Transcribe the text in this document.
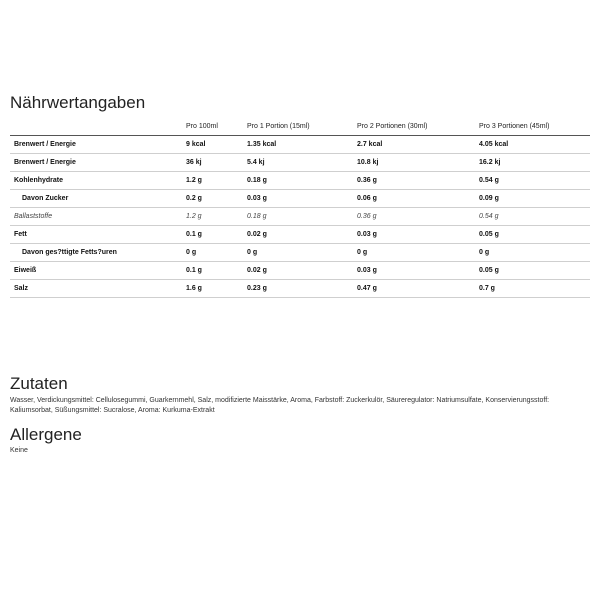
Nährwertangaben
	Pro 100ml	Pro 1 Portion (15ml)	Pro 2 Portionen (30ml)	Pro 3 Portionen (45ml)
Brenwert / Energie	9 kcal	1.35 kcal	2.7 kcal	4.05 kcal
Brenwert / Energie	36 kj	5.4 kj	10.8 kj	16.2 kj
Kohlenhydrate	1.2 g	0.18 g	0.36 g	0.54 g
Davon Zucker	0.2 g	0.03 g	0.06 g	0.09 g
Ballaststoffe	1.2 g	0.18 g	0.36 g	0.54 g
Fett	0.1 g	0.02 g	0.03 g	0.05 g
Davon ges?ttigte Fetts?uren	0 g	0 g	0 g	0 g
Eiweiß	0.1 g	0.02 g	0.03 g	0.05 g
Salz	1.6 g	0.23 g	0.47 g	0.7 g
Zutaten
Wasser, Verdickungsmittel: Cellulosegummi, Guarkernmehl, Salz, modifizierte Maisstärke, Aroma, Farbstoff: Zuckerkulör, Säureregulator: Natriumsulfate, Konservierungsstoff: Kaliumsorbat, Süßungsmittel: Sucralose, Aroma: Kurkuma-Extrakt
Allergene
Keine
